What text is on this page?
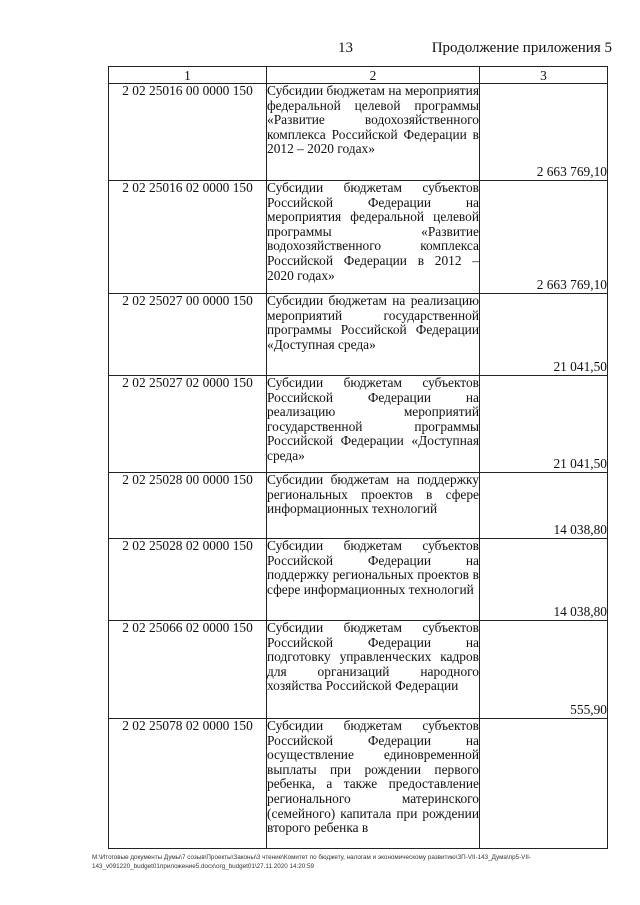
13	Продолжение приложения 5
1	2	3
2 02 25016 00 0000 150	Субсидии бюджетам на мероприятия федеральной целевой программы «Развитие водохозяйственного комплекса Российской Федерации в 2012 – 2020 годах»	2 663 769,10
2 02 25016 02 0000 150	Субсидии бюджетам субъектов Российской Федерации на мероприятия федеральной целевой программы «Развитие водохозяйственного комплекса Российской Федерации в 2012 – 2020 годах»	2 663 769,10
2 02 25027 00 0000 150	Субсидии бюджетам на реализацию мероприятий государственной программы Российской Федерации «Доступная среда»	21 041,50
2 02 25027 02 0000 150	Субсидии бюджетам субъектов Российской Федерации на реализацию мероприятий государственной программы Российской Федерации «Доступная среда»	21 041,50
2 02 25028 00 0000 150	Субсидии бюджетам на поддержку региональных проектов в сфере информационных технологий	14 038,80
2 02 25028 02 0000 150	Субсидии бюджетам субъектов Российской Федерации на поддержку региональных проектов в сфере информационных технологий	14 038,80
2 02 25066 02 0000 150	Субсидии бюджетам субъектов Российской Федерации на подготовку управленческих кадров для организаций народного хозяйства Российской Федерации	555,90
2 02 25078 02 0000 150	Субсидии бюджетам субъектов Российской Федерации на осуществление единовременной выплаты при рождении первого ребенка, а также предоставление регионального материнского (семейного) капитала при рождении второго ребенка в	
М:\Итоговые документы Думы\7 созыв\Проекты\Законы\3 чтение\Комитет по бюджету, налогам и экономическому развитию\ЗП-VII-143_Дума\пр5-VII-143_v091220_budget01приложение5.docx\org_budget01\27.11.2020 14:20:59
